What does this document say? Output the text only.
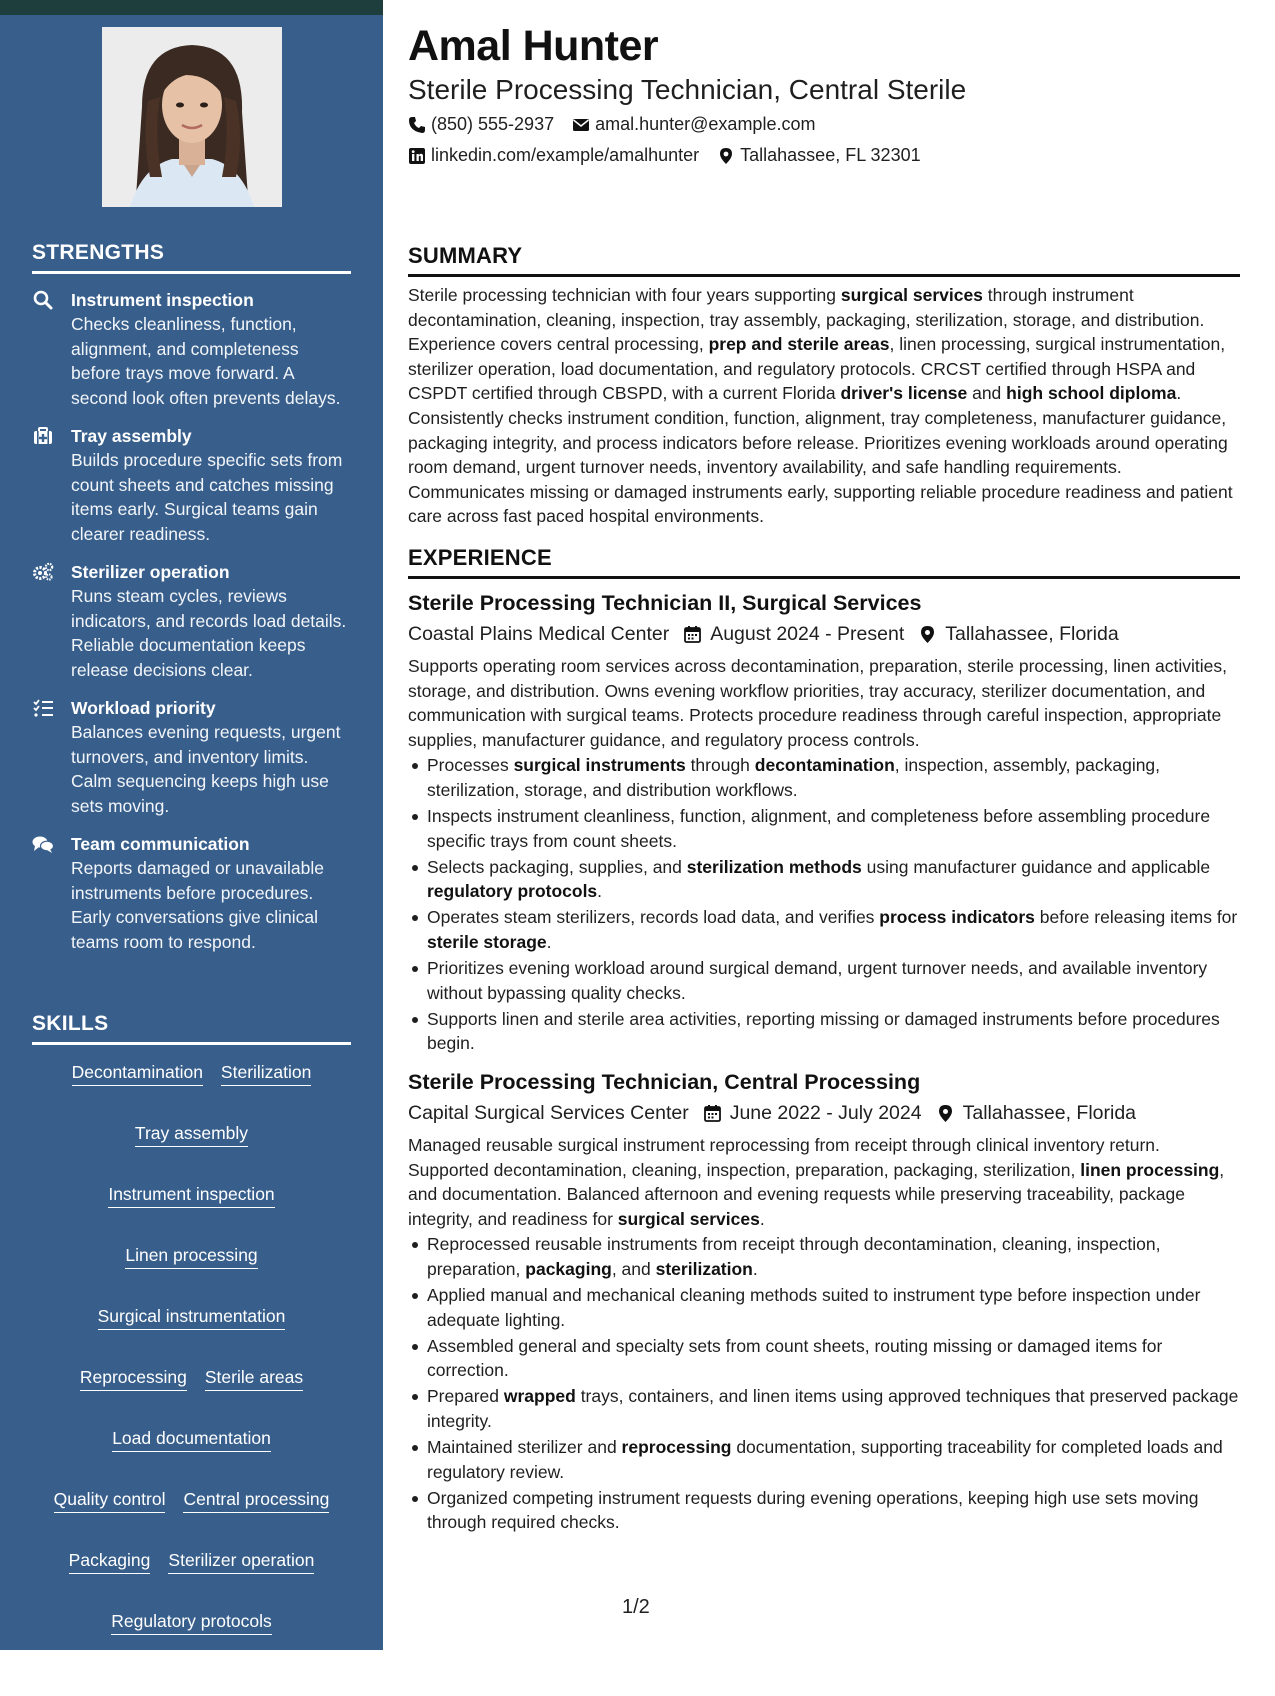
STRENGTHS
Instrument inspection
Checks cleanliness, function, alignment, and completeness before trays move forward. A second look often prevents delays.
Tray assembly
Builds procedure specific sets from count sheets and catches missing items early. Surgical teams gain clearer readiness.
Sterilizer operation
Runs steam cycles, reviews indicators, and records load details. Reliable documentation keeps release decisions clear.
Workload priority
Balances evening requests, urgent turnovers, and inventory limits. Calm sequencing keeps high use sets moving.
Team communication
Reports damaged or unavailable instruments before procedures. Early conversations give clinical teams room to respond.
SKILLS
Decontamination Sterilization
Tray assembly
Instrument inspection
Linen processing
Surgical instrumentation
Reprocessing Sterile areas
Load documentation
Quality control Central processing
Packaging Sterilizer operation
Regulatory protocols
Surgical services
Amal Hunter
Sterile Processing Technician, Central Sterile
(850) 555-2937 amal.hunter@example.com
linkedin.com/example/amalhunter Tallahassee, FL 32301
SUMMARY

Sterile processing technician with four years supporting surgical services through instrument decontamination, cleaning, inspection, tray assembly, packaging, sterilization, storage, and distribution. Experience covers central processing, prep and sterile areas, linen processing, surgical instrumentation, sterilizer operation, load documentation, and regulatory protocols. CRCST certified through HSPA and CSPDT certified through CBSPD, with a current Florida driver's license and high school diploma. Consistently checks instrument condition, function, alignment, tray completeness, manufacturer guidance, packaging integrity, and process indicators before release. Prioritizes evening workloads around operating room demand, urgent turnover needs, inventory availability, and safe handling requirements. Communicates missing or damaged instruments early, supporting reliable procedure readiness and patient care across fast paced hospital environments.

EXPERIENCE
Sterile Processing Technician II, Surgical Services
Coastal Plains Medical Center August 2024 - Present Tallahassee, Florida

Supports operating room services across decontamination, preparation, sterile processing, linen activities, storage, and distribution. Owns evening workflow priorities, tray accuracy, sterilizer documentation, and communication with surgical teams. Protects procedure readiness through careful inspection, appropriate supplies, manufacturer guidance, and regulatory process controls.

Processes surgical instruments through decontamination, inspection, assembly, packaging, sterilization, storage, and distribution workflows.
Inspects instrument cleanliness, function, alignment, and completeness before assembling procedure specific trays from count sheets.
Selects packaging, supplies, and sterilization methods using manufacturer guidance and applicable regulatory protocols.
Operates steam sterilizers, records load data, and verifies process indicators before releasing items for sterile storage.
Prioritizes evening workload around surgical demand, urgent turnover needs, and available inventory without bypassing quality checks.
Supports linen and sterile area activities, reporting missing or damaged instruments before procedures begin.
Sterile Processing Technician, Central Processing
Capital Surgical Services Center June 2022 - July 2024 Tallahassee, Florida

Managed reusable surgical instrument reprocessing from receipt through clinical inventory return. Supported decontamination, cleaning, inspection, preparation, packaging, sterilization, linen processing, and documentation. Balanced afternoon and evening requests while preserving traceability, package integrity, and readiness for surgical services.

Reprocessed reusable instruments from receipt through decontamination, cleaning, inspection, preparation, packaging, and sterilization.
Applied manual and mechanical cleaning methods suited to instrument type before inspection under adequate lighting.
Assembled general and specialty sets from count sheets, routing missing or damaged items for correction.
Prepared wrapped trays, containers, and linen items using approved techniques that preserved package integrity.
Maintained sterilizer and reprocessing documentation, supporting traceability for completed loads and regulatory review.
Organized competing instrument requests during evening operations, keeping high use sets moving through required checks.
1/2
